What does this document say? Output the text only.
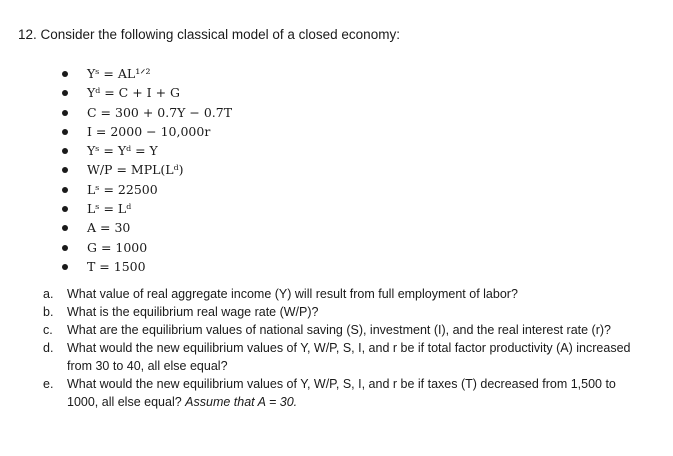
12. Consider the following classical model of a closed economy:
Yˢ = AL¹ᐟ²
Yᵈ = C + I + G
C = 300 + 0.7Y − 0.7T
I = 2000 − 10,000r
Yˢ = Yᵈ = Y
W/P = MPL(Lᵈ)
Lˢ = 22500
Lˢ = Lᵈ
A = 30
G = 1000
T = 1500
a. What value of real aggregate income (Y) will result from full employment of labor?
b. What is the equilibrium real wage rate (W/P)?
c. What are the equilibrium values of national saving (S), investment (I), and the real interest rate (r)?
d. What would the new equilibrium values of Y, W/P, S, I, and r be if total factor productivity (A) increased from 30 to 40, all else equal?
e. What would the new equilibrium values of Y, W/P, S, I, and r be if taxes (T) decreased from 1,500 to 1000, all else equal? Assume that A = 30.
